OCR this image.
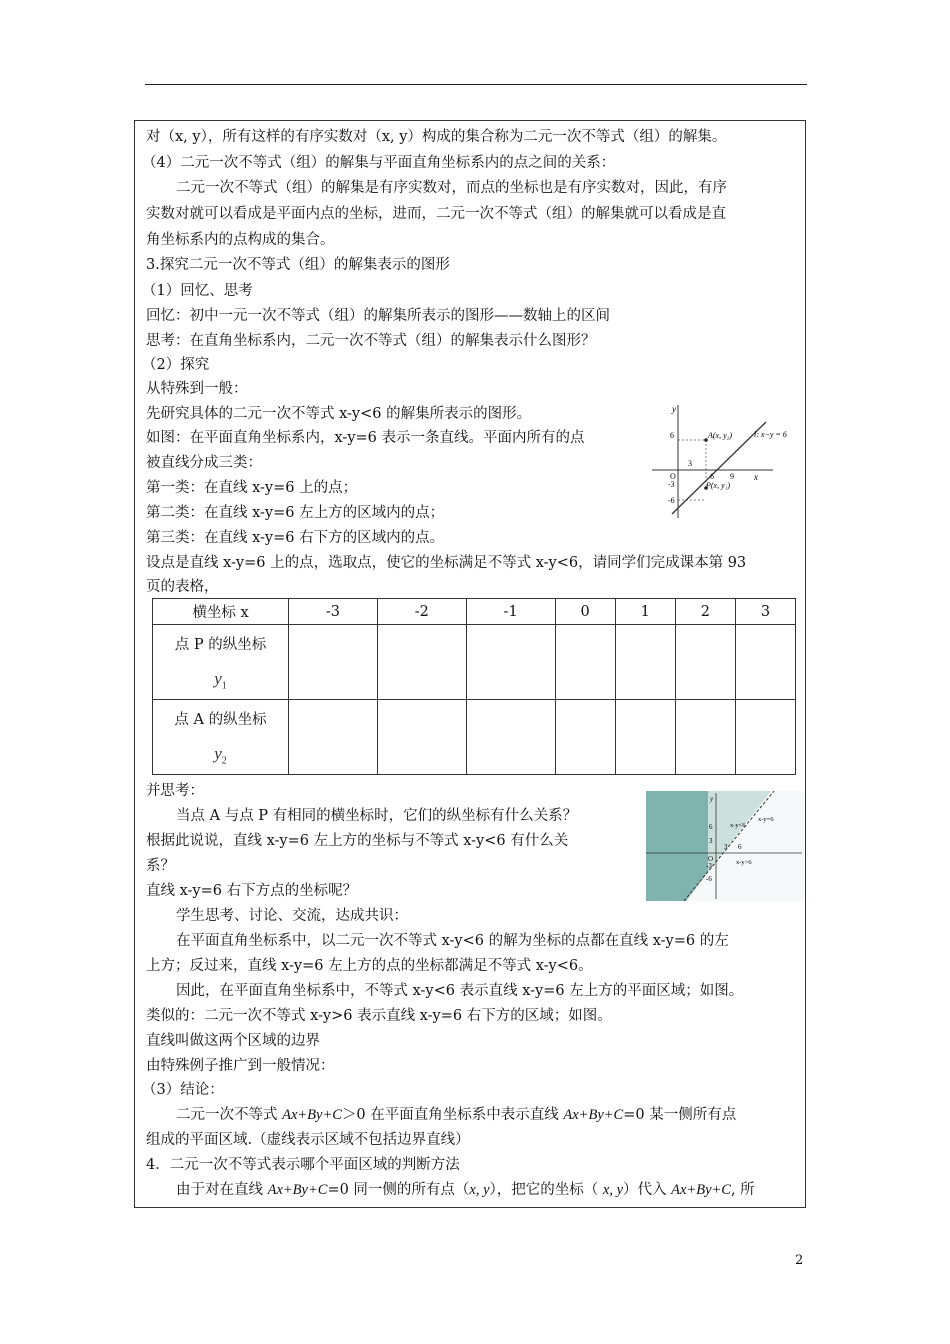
对（x, y），所有这样的有序实数对（x, y）构成的集合称为二元一次不等式（组）的解集。
（4）二元一次不等式（组）的解集与平面直角坐标系内的点之间的关系：
二元一次不等式（组）的解集是有序实数对，而点的坐标也是有序实数对，因此，有序
实数对就可以看成是平面内点的坐标，进而，二元一次不等式（组）的解集就可以看成是直
角坐标系内的点构成的集合。
3.探究二元一次不等式（组）的解集表示的图形
（1）回忆、思考
回忆：初中一元一次不等式（组）的解集所表示的图形——数轴上的区间
思考：在直角坐标系内，二元一次不等式（组）的解集表示什么图形？
（2）探究
从特殊到一般：
先研究具体的二元一次不等式 x-y<6 的解集所表示的图形。
如图：在平面直角坐标系内，x-y=6 表示一条直线。平面内所有的点
被直线分成三类：
第一类：在直线 x-y=6 上的点；
第二类：在直线 x-y=6 左上方的区域内的点；
第三类：在直线 x-y=6 右下方的区域内的点。
设点是直线 x-y=6 上的点，选取点，使它的坐标满足不等式 x-y<6，请同学们完成课本第 93
页的表格，
y
x
O
6
-3
-6
3
6 9
A(x, y₂)
P(x, y₁)
l: x−y = 6
横坐标 x	-3	-2	-1	0	1	2	3

点 P 的纵坐标
$y_1$

点 A 的纵坐标
$y_2$

并思考：
当点 A 与点 P 有相同的横坐标时，它们的纵坐标有什么关系？
根据此说说，直线 x-y=6 左上方的坐标与不等式 x-y<6 有什么关
系？
直线 x-y=6 右下方点的坐标呢？
学生思考、讨论、交流，达成共识：
在平面直角坐标系中，以二元一次不等式 x-y<6 的解为坐标的点都在直线 x-y=6 的左
上方；反过来，直线 x-y=6 左上方的点的坐标都满足不等式 x-y<6。
因此，在平面直角坐标系中，不等式 x-y<6 表示直线 x-y=6 左上方的平面区域；如图。
类似的：二元一次不等式 x-y>6 表示直线 x-y=6 右下方的区域；如图。
直线叫做这两个区域的边界
由特殊例子推广到一般情况：
（3）结论：
y
O
6
3
-3
-6
3 6
x-y<6
x-y=6
x-y>6
二元一次不等式 Ax+By+C＞0 在平面直角坐标系中表示直线 Ax+By+C=0 某一侧所有点
组成的平面区域.（虚线表示区域不包括边界直线）
4．二元一次不等式表示哪个平面区域的判断方法
由于对在直线 Ax+By+C=0 同一侧的所有点（x, y），把它的坐标（ x, y）代入 Ax+By+C, 所
2
